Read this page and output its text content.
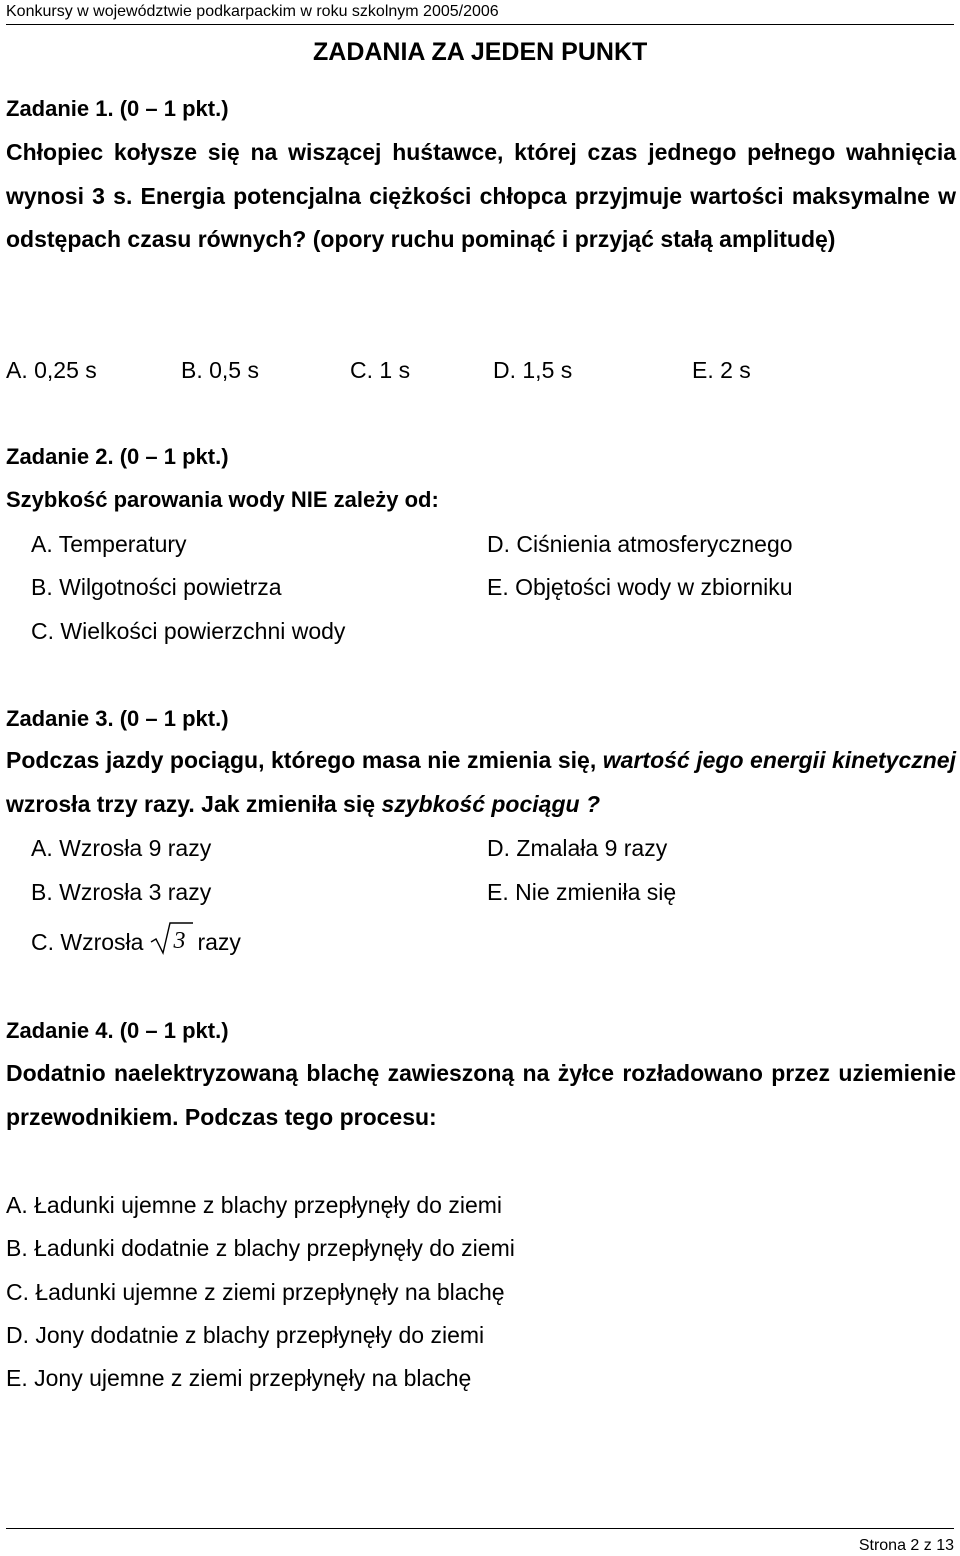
Konkursy w województwie podkarpackim w roku szkolnym 2005/2006
ZADANIA ZA JEDEN PUNKT
Zadanie 1. (0 – 1 pkt.)
Chłopiec kołysze się na wiszącej huśtawce, której czas jednego pełnego wahnięcia wynosi 3 s. Energia potencjalna ciężkości chłopca przyjmuje wartości maksymalne w odstępach czasu równych? (opory ruchu pominąć i przyjąć stałą amplitudę)
A. 0,25 s	B. 0,5 s	C. 1 s	D. 1,5 s	E. 2 s
Zadanie 2. (0 – 1 pkt.)
Szybkość parowania wody NIE zależy od:
A. Temperatury
B. Wilgotności powietrza
C. Wielkości powierzchni wody
D. Ciśnienia atmosferycznego
E. Objętości wody w zbiorniku
Zadanie 3. (0 – 1 pkt.)
Podczas jazdy pociągu, którego masa nie zmienia się, wartość jego energii kinetycznej wzrosła trzy razy. Jak zmieniła się szybkość pociągu ?
A. Wzrosła 9 razy
B. Wzrosła 3 razy
C. Wzrosła 3 razy
D. Zmalała 9 razy
E. Nie zmieniła się
Zadanie 4. (0 – 1 pkt.)
Dodatnio naelektryzowaną blachę zawieszoną na żyłce rozładowano przez uziemienie przewodnikiem. Podczas tego procesu:
A. Ładunki ujemne z blachy przepłynęły do ziemi
B. Ładunki dodatnie z blachy przepłynęły do ziemi
C. Ładunki ujemne z ziemi przepłynęły na blachę
D. Jony dodatnie z blachy przepłynęły do ziemi
E. Jony ujemne z ziemi przepłynęły na blachę
Strona 2 z 13
